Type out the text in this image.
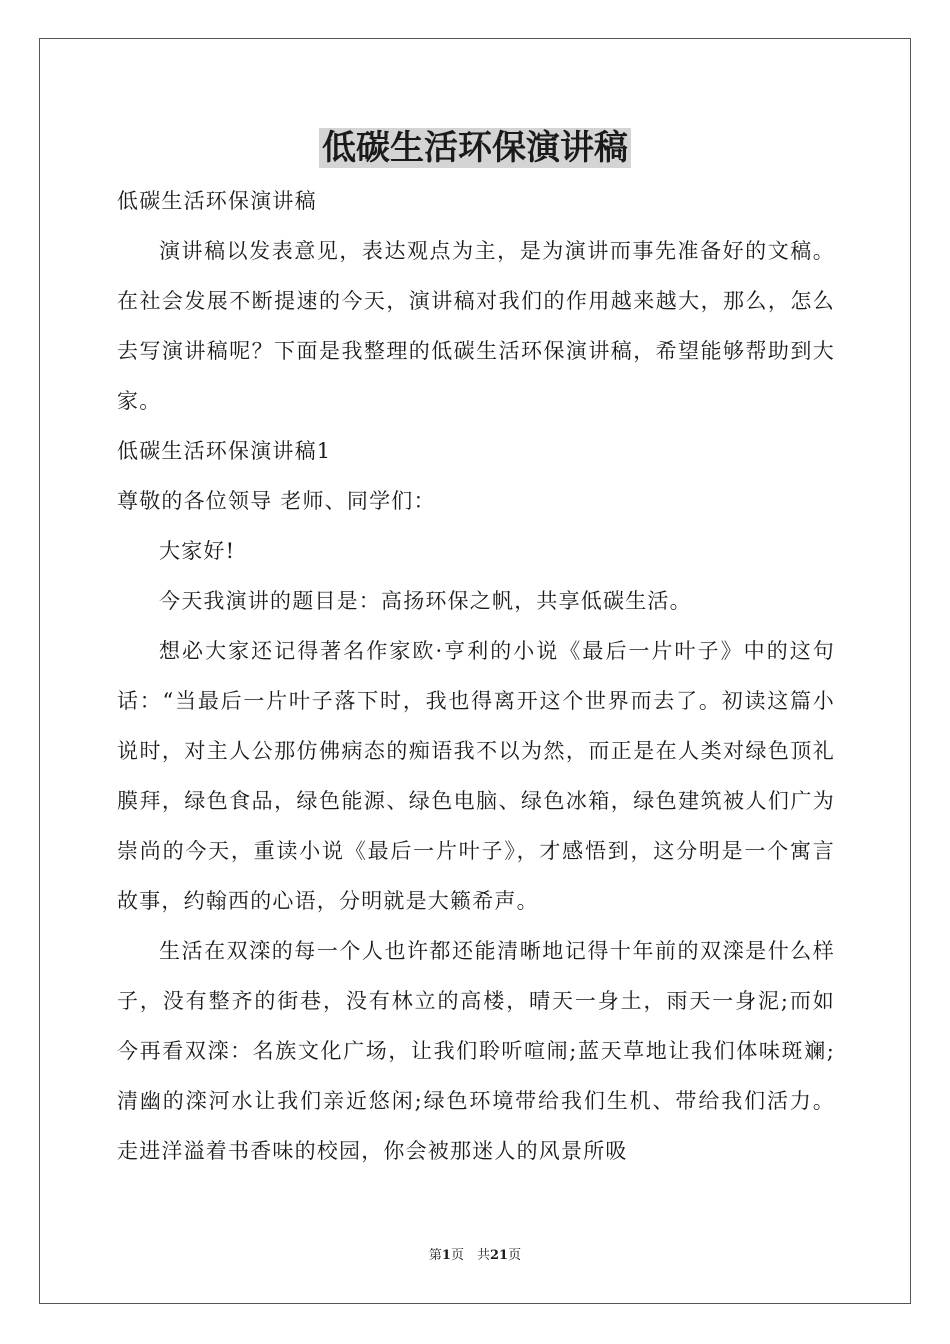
低碳生活环保演讲稿

低碳生活环保演讲稿

演讲稿以发表意见，表达观点为主，是为演讲而事先准备好的文稿。在社会发展不断提速的今天，演讲稿对我们的作用越来越大，那么，怎么去写演讲稿呢？下面是我整理的低碳生活环保演讲稿，希望能够帮助到大家。

低碳生活环保演讲稿1

尊敬的各位领导 老师、同学们：

大家好!

今天我演讲的题目是：高扬环保之帆，共享低碳生活。

想必大家还记得著名作家欧·亨利的小说《最后一片叶子》中的这句话：“当最后一片叶子落下时，我也得离开这个世界而去了。初读这篇小说时，对主人公那仿佛病态的痴语我不以为然，而正是在人类对绿色顶礼膜拜，绿色食品，绿色能源、绿色电脑、绿色冰箱，绿色建筑被人们广为崇尚的今天，重读小说《最后一片叶子》，才感悟到，这分明是一个寓言故事，约翰西的心语，分明就是大籁希声。

生活在双滦的每一个人也许都还能清晰地记得十年前的双滦是什么样子，没有整齐的街巷，没有林立的高楼，晴天一身土，雨天一身泥;而如今再看双滦：名族文化广场，让我们聆听喧闹;蓝天草地让我们体味斑斓;清幽的滦河水让我们亲近悠闲;绿色环境带给我们生机、带给我们活力。走进洋溢着书香味的校园，你会被那迷人的风景所吸

第1页　共21页
